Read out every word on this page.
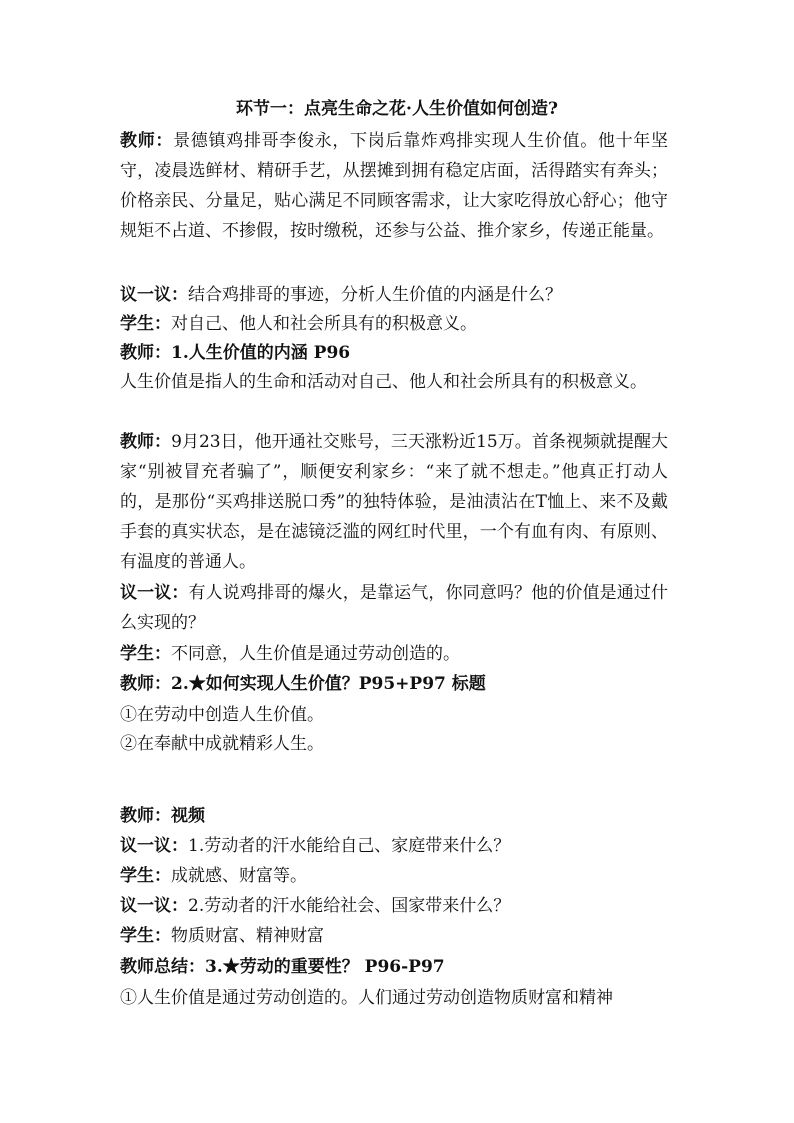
环节一：点亮生命之花·人生价值如何创造?

教师：景德镇鸡排哥李俊永，下岗后靠炸鸡排实现人生价值。他十年坚守，凌晨选鲜材、精研手艺，从摆摊到拥有稳定店面，活得踏实有奔头；价格亲民、分量足，贴心满足不同顾客需求，让大家吃得放心舒心；他守规矩不占道、不掺假，按时缴税，还参与公益、推介家乡，传递正能量。

议一议：结合鸡排哥的事迹，分析人生价值的内涵是什么？

学生：对自己、他人和社会所具有的积极意义。

教师：1.人生价值的内涵 P96

人生价值是指人的生命和活动对自己、他人和社会所具有的积极意义。

教师：9月23日，他开通社交账号，三天涨粉近15万。首条视频就提醒大家“别被冒充者骗了”，顺便安利家乡：“来了就不想走。”他真正打动人的，是那份“买鸡排送脱口秀”的独特体验，是油渍沾在T恤上、来不及戴手套的真实状态，是在滤镜泛滥的网红时代里，一个有血有肉、有原则、有温度的普通人。

议一议：有人说鸡排哥的爆火，是靠运气，你同意吗？他的价值是通过什么实现的？

学生：不同意，人生价值是通过劳动创造的。

教师：2.★如何实现人生价值？P95+P97 标题

①在劳动中创造人生价值。

②在奉献中成就精彩人生。

教师：视频

议一议：1.劳动者的汗水能给自己、家庭带来什么？

学生：成就感、财富等。

议一议：2.劳动者的汗水能给社会、国家带来什么？

学生：物质财富、精神财富

教师总结：3.★劳动的重要性？ P96-P97

①人生价值是通过劳动创造的。人们通过劳动创造物质财富和精神
